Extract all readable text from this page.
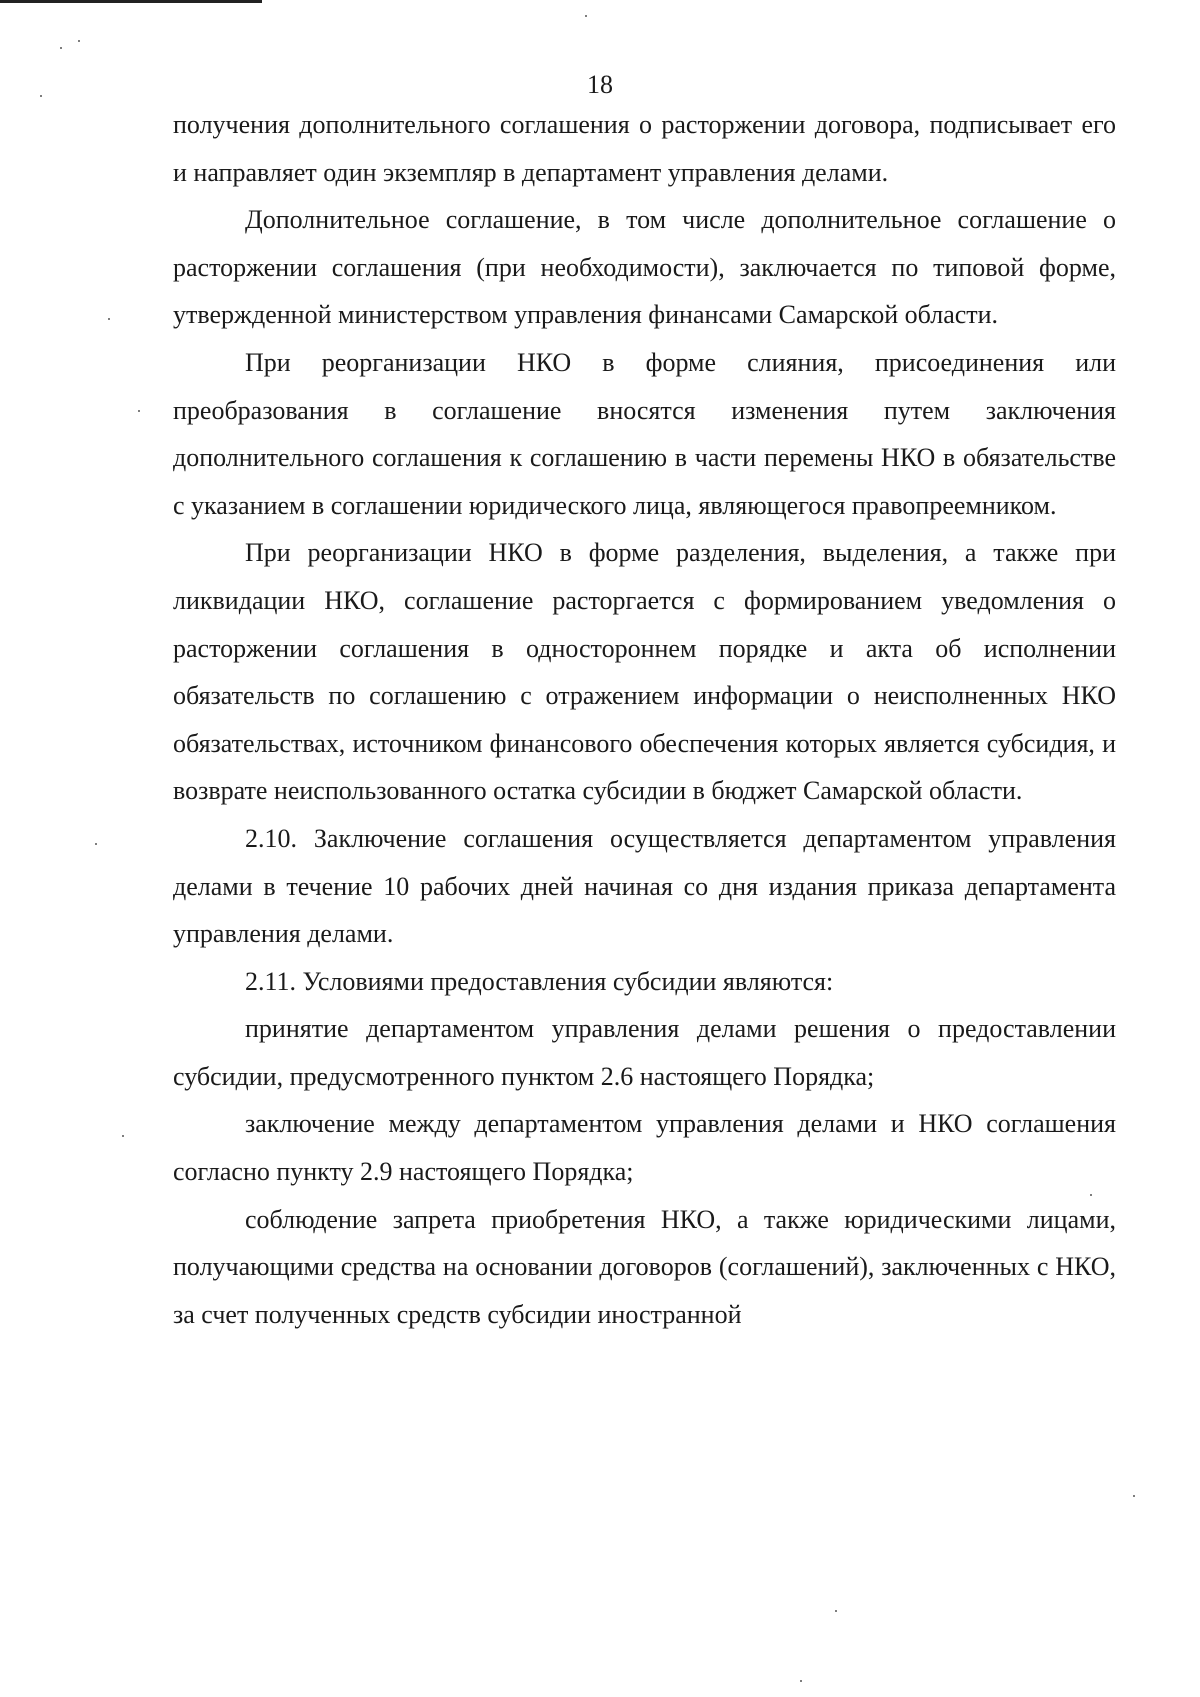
18

получения дополнительного соглашения о расторжении договора, подписывает его и направляет один экземпляр в департамент управления делами.

Дополнительное соглашение, в том числе дополнительное соглашение о расторжении соглашения (при необходимости), заключается по типовой форме, утвержденной министерством управления финансами Самарской области.

При реорганизации НКО в форме слияния, присоединения или преобразования в соглашение вносятся изменения путем заключения дополнительного соглашения к соглашению в части перемены НКО в обязательстве с указанием в соглашении юридического лица, являющегося правопреемником.

При реорганизации НКО в форме разделения, выделения, а также при ликвидации НКО, соглашение расторгается с формированием уведомления о расторжении соглашения в одностороннем порядке и акта об исполнении обязательств по соглашению с отражением информации о неисполненных НКО обязательствах, источником финансового обеспечения которых является субсидия, и возврате неиспользованного остатка субсидии в бюджет Самарской области.

2.10. Заключение соглашения осуществляется департаментом управления делами в течение 10 рабочих дней начиная со дня издания приказа департамента управления делами.

2.11. Условиями предоставления субсидии являются:

принятие департаментом управления делами решения о предоставлении субсидии, предусмотренного пунктом 2.6 настоящего Порядка;

заключение между департаментом управления делами и НКО соглашения согласно пункту 2.9 настоящего Порядка;

соблюдение запрета приобретения НКО, а также юридическими лицами, получающими средства на основании договоров (соглашений), заключенных с НКО, за счет полученных средств субсидии иностранной
